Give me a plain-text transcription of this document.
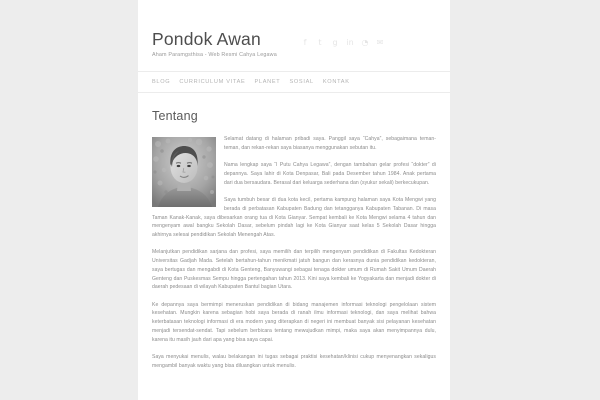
Pondok Awan

Aham Paramgsthisa - Web Resmi Cahya Legawa

f	t	g in ◔ ✉
BLOG CURRICULUM VITAE PLANET SOSIAL KONTAK
Tentang

Selamat datang di halaman pribadi saya. Panggil saya “Cahya”, sebagaimana teman-teman, dan rekan-rekan saya biasanya menggunakan sebutan itu.

Nama lengkap saya “I Putu Cahya Legawa”, dengan tambahan gelar profesi “dokter” di depannya. Saya lahir di Kota Denpasar, Bali pada Desember tahun 1984. Anak pertama dari dua bersaudara. Berasal dari keluarga sederhana dan (syukur sekali) berkecukupan.

Saya tumbuh besar di dua kota kecil, pertama kampung halaman saya Kota Mengwi yang berada di perbatasan Kabupaten Badung dan tetangganya Kabupaten Tabanan. Di masa Taman Kanak-Kanak, saya dibesarkan orang tua di Kota Gianyar. Sempat kembali ke Kota Mengwi selama 4 tahun dan mengenyam awal bangku Sekolah Dasar, sebelum pindah lagi ke Kota Gianyar saat kelas 5 Sekolah Dasar hingga akhirnya selesai pendidikan Sekolah Menengah Atas.

Melanjutkan pendidikan sarjana dan profesi, saya memilih dan terpilih mengenyam pendidikan di Fakultas Kedokteran Universitas Gadjah Mada. Setelah bertahun-tahun menikmati jatuh bangun dan kerasnya dunia pendidikan kedokteran, saya bertugas dan mengabdi di Kota Genteng, Banyuwangi sebagai tenaga dokter umum di Rumah Sakit Umum Daerah Genteng dan Puskesmas Sempu hingga pertengahan tahun 2013. Kini saya kembali ke Yogyakarta dan menjadi dokter di daerah pedesaan di wilayah Kabupaten Bantul bagian Utara.

Ke depannya saya bermimpi meneruskan pendidikan di bidang manajemen informasi teknologi pengelolaan sistem kesehatan. Mungkin karena sebagian hobi saya berada di ranah ilmu informasi teknologi, dan saya melihat bahwa keterbatasan teknologi informasi di era modern yang diterapkan di negeri ini membuat banyak sisi pelayanan kesehatan menjadi tersendat-sendat. Tapi sebelum berbicara tentang mewujudkan mimpi, maka saya akan menyimpannya dulu, karena itu masih jauh dari apa yang bisa saya capai.

Saya menyukai menulis, walau belakangan ini tugas sebagai praktisi kesehatan/klinisi cukup menyenangkan sekaligus mengambil banyak waktu yang bisa diluangkan untuk menulis.
